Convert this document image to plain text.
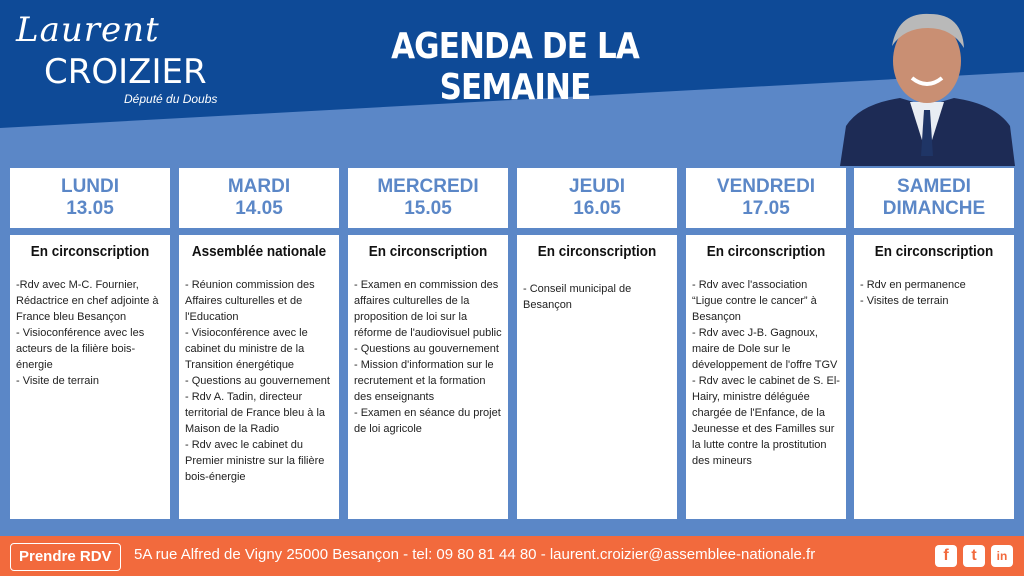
Laurent
CROIZIER
Député du Doubs
AGENDA DE LA SEMAINE
LUNDI
13.05
En circonscription
-Rdv avec M-C. Fournier, Rédactrice en chef adjointe à France bleu Besançon
- Visioconférence avec les acteurs de la filière bois-énergie
- Visite de terrain
MARDI
14.05
Assemblée nationale
- Réunion commission des Affaires culturelles et de l'Education
- Visioconférence avec le cabinet du ministre de la Transition énergétique
- Questions au gouvernement
- Rdv A. Tadin, directeur territorial de France bleu à la Maison de la Radio
- Rdv avec le cabinet du Premier ministre sur la filière bois-énergie
MERCREDI
15.05
En circonscription
- Examen en commission des affaires culturelles de la proposition de loi sur la réforme de l'audiovisuel public
- Questions au gouvernement
- Mission d'information sur le recrutement et la formation des enseignants
- Examen en séance du projet de loi agricole
JEUDI
16.05
En circonscription
- Conseil municipal de Besançon
VENDREDI
17.05
En circonscription
- Rdv avec l'association “Ligue contre le cancer” à Besançon
- Rdv avec J-B. Gagnoux, maire de Dole sur le développement de l'offre TGV
- Rdv avec le cabinet de S. El-Hairy, ministre déléguée chargée de l'Enfance, de la Jeunesse et des Familles sur la lutte contre la prostitution des mineurs
SAMEDI
DIMANCHE
En circonscription
- Rdv en permanence
- Visites de terrain
Prendre RDV	5A rue Alfred de Vigny 25000 Besançon - tel: 09 80 81 44 80 - laurent.croizier@assemblee-nationale.fr	f	t	in
